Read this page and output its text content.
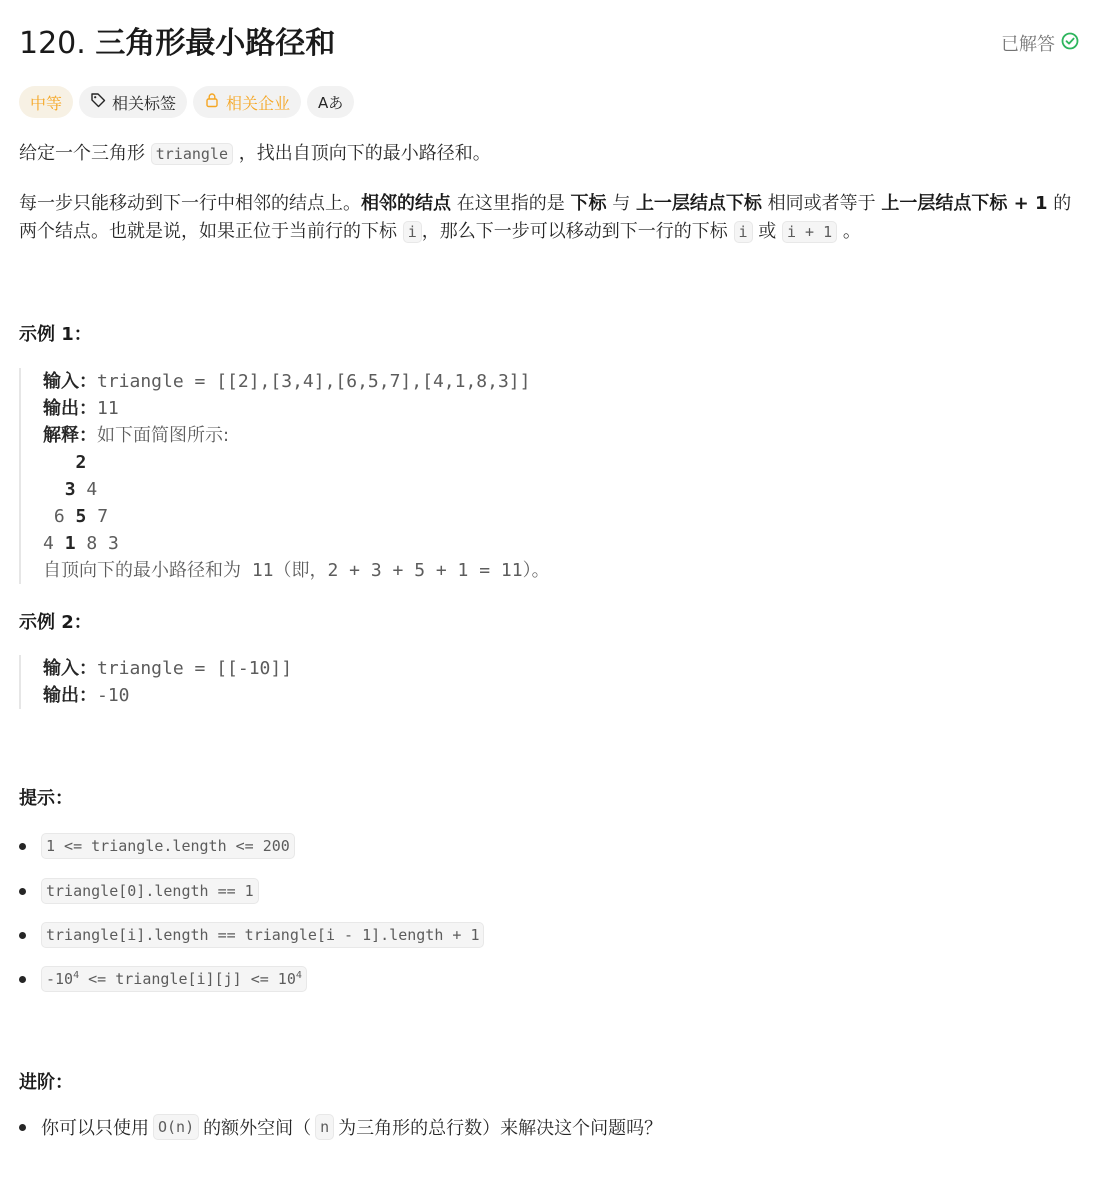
120. 三角形最小路径和	已解答
中等	相关标签	相关企业 Aあ
给定一个三角形 triangle ，找出自顶向下的最小路径和。
每一步只能移动到下一行中相邻的结点上。相邻的结点 在这里指的是 下标 与 上一层结点下标 相同或者等于 上一层结点下标 + 1 的两个结点。也就是说，如果正位于当前行的下标 i ，那么下一步可以移动到下一行的下标 i 或 i + 1 。
示例 1：
输入：triangle = [[2],[3,4],[6,5,7],[4,1,8,3]]
输出：11
解释：如下面简图所示:
2
3 4
6 5 7
4 1 8 3
自顶向下的最小路径和为 11（即，2 + 3 + 5 + 1 = 11）。
示例 2：
输入：triangle = [[-10]]
输出：-10
提示：
1 <= triangle.length <= 200
triangle[0].length == 1
triangle[i].length == triangle[i - 1].length + 1
$-10^4$ <= triangle[i][j] <= $10^4$
进阶：
你可以只使用 O(n) 的额外空间（ n 为三角形的总行数）来解决这个问题吗？
